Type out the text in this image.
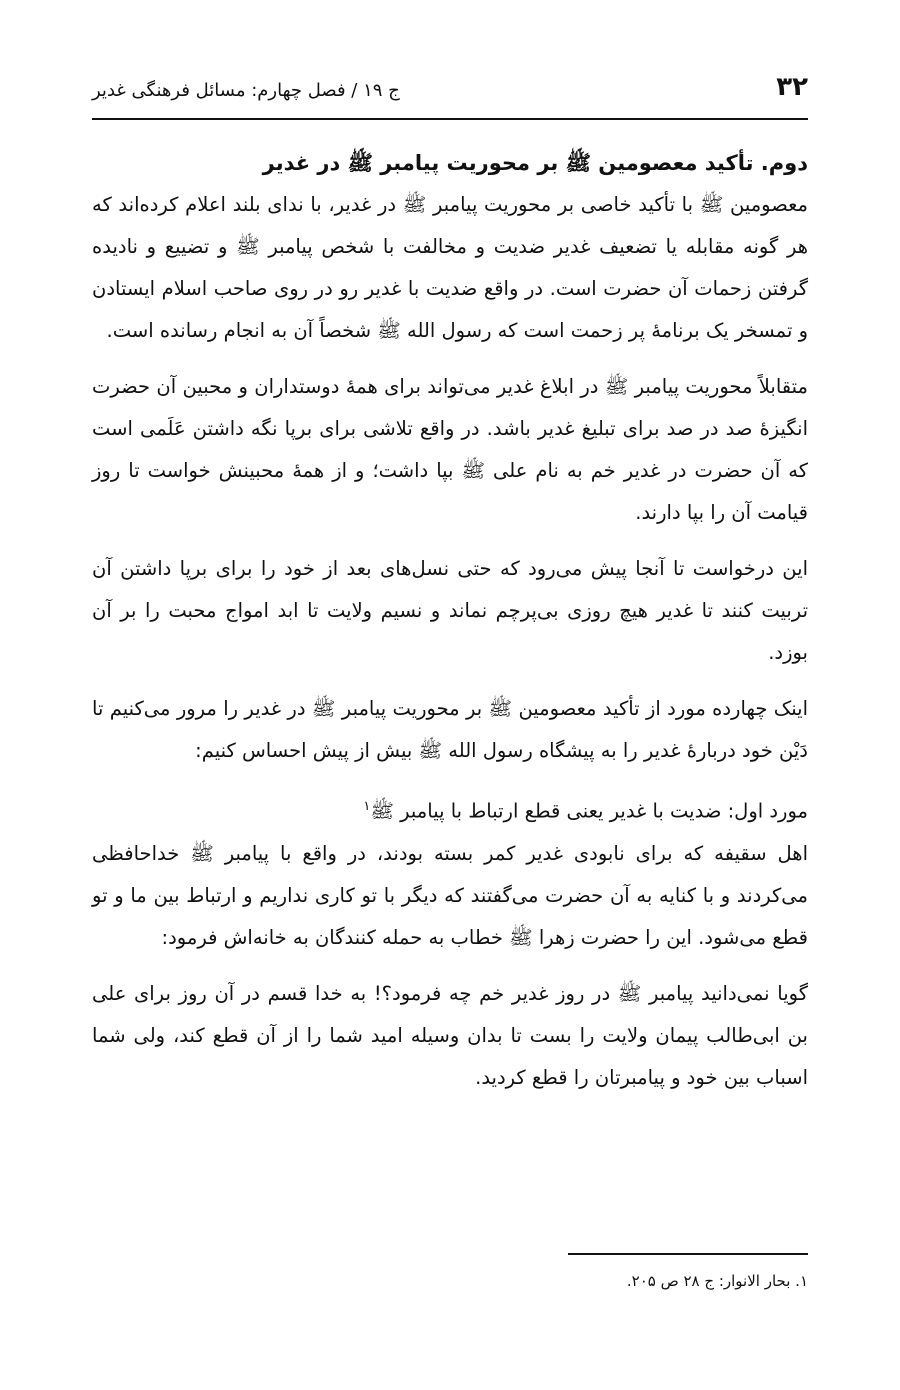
۳۲
ج ۱۹ / فصل چهارم: مسائل فرهنگی غدیر
دوم. تأکید معصومین ﷺ بر محوریت پیامبر ﷺ در غدیر

معصومین ﷺ با تأکید خاصی بر محوریت پیامبر ﷺ در غدیر، با ندای بلند اعلام کرده‌اند که هر گونه مقابله یا تضعیف غدیر ضدیت و مخالفت با شخص پیامبر ﷺ و تضییع و نادیده گرفتن زحمات آن حضرت است. در واقع ضدیت با غدیر رو در روی صاحب اسلام ایستادن و تمسخر یک برنامهٔ پر زحمت است که رسول الله ﷺ شخصاً آن به انجام رسانده است.

متقابلاً محوریت پیامبر ﷺ در ابلاغ غدیر می‌تواند برای همهٔ دوستداران و محبین آن حضرت انگیزهٔ صد در صد برای تبلیغ غدیر باشد. در واقع تلاشی برای برپا نگه داشتن عَلَمی است که آن حضرت در غدیر خم به نام علی ﷺ بپا داشت؛ و از همهٔ محبینش خواست تا روز قیامت آن را بپا دارند.

این درخواست تا آنجا پیش می‌رود که حتی نسل‌های بعد از خود را برای برپا داشتن آن تربیت کنند تا غدیر هیچ روزی بی‌پرچم نماند و نسیم ولایت تا ابد امواج محبت را بر آن بوزد.

اینک چهارده مورد از تأکید معصومین ﷺ بر محوریت پیامبر ﷺ در غدیر را مرور می‌کنیم تا دَیْن خود دربارهٔ غدیر را به پیشگاه رسول الله ﷺ بیش از پیش احساس کنیم:

مورد اول: ضدیت با غدیر یعنی قطع ارتباط با پیامبر ﷺ$^۱$

اهل سقیفه که برای نابودی غدیر کمر بسته بودند، در واقع با پیامبر ﷺ خداحافظی می‌کردند و با کنایه به آن حضرت می‌گفتند که دیگر با تو کاری نداریم و ارتباط بین ما و تو قطع می‌شود. این را حضرت زهرا ﷺ خطاب به حمله کنندگان به خانه‌اش فرمود:

گویا نمی‌دانید پیامبر ﷺ در روز غدیر خم چه فرمود؟! به خدا قسم در آن روز برای علی بن ابی‌طالب پیمان ولایت را بست تا بدان وسیله امید شما را از آن قطع کند، ولی شما اسباب بین خود و پیامبرتان را قطع کردید.

۱. بحار الانوار: ج ۲۸ ص ۲۰۵.
